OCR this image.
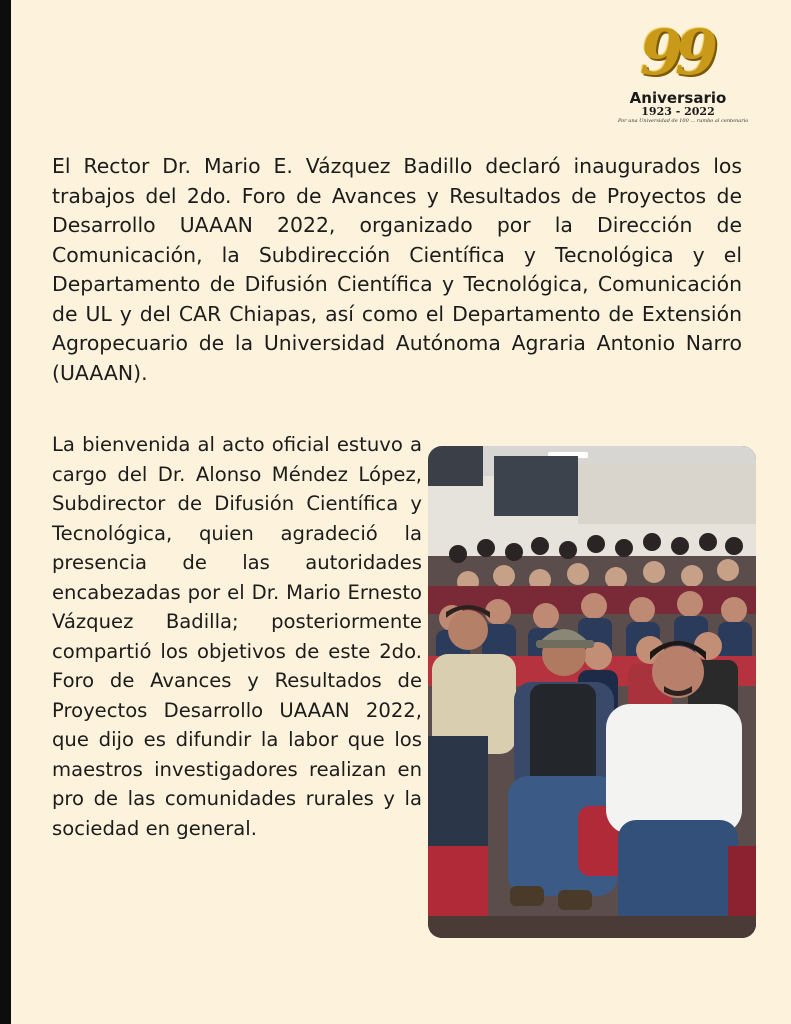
99
Aniversario
1923 - 2022
Por una Universidad de 100 ... rumbo al centenario

El Rector Dr. Mario E. Vázquez Badillo declaró inaugurados los trabajos del 2do. Foro de Avances y Resultados de Proyectos de Desarrollo UAAAN 2022, organizado por la Dirección de Comunicación, la Subdirección Científica y Tecnológica y el Departamento de Difusión Científica y Tecnológica, Comunicación de UL y del CAR Chiapas, así como el Departamento de Extensión Agropecuario de la Universidad Autónoma Agraria Antonio Narro (UAAAN).

La bienvenida al acto oficial estuvo a cargo del Dr. Alonso Méndez López, Subdirector de Difusión Científica y Tecnológica, quien agradeció la presencia de las autoridades encabezadas por el Dr. Mario Ernesto Vázquez Badilla; posteriormente compartió los objetivos de este 2do. Foro de Avances y Resultados de Proyectos Desarrollo UAAAN 2022, que dijo es difundir la labor que los maestros investigadores realizan en pro de las comunidades rurales y la sociedad en general.
